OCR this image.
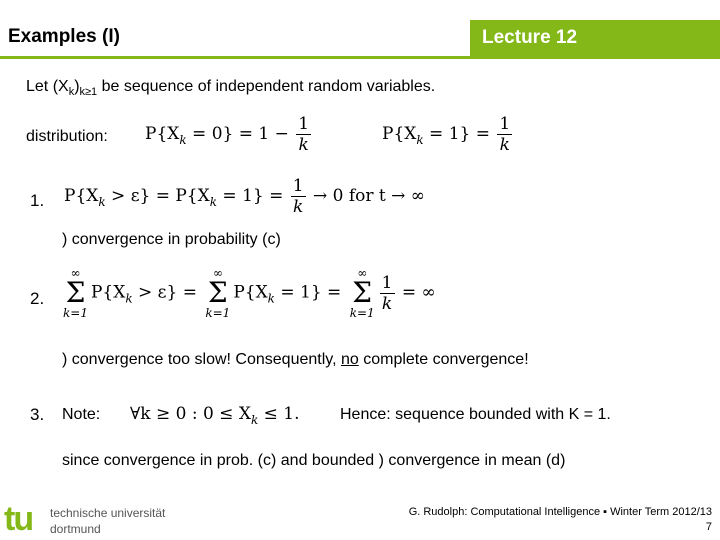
Examples (I)	Lecture 12
Let $(X_k)_{k\ge 1}$ be sequence of independent random variables.
distribution: $P\{X_k = 0\} = 1 - \frac{1}{k}$	$P\{X_k = 1\} = \frac{1}{k}$
1. $P\{X_k > \varepsilon\} = P\{X_k = 1\} = \frac{1}{k} \to 0$ for t → ∞
) convergence in probability (c)
2.
∞
Σ
k=1
$P\{X_k > \varepsilon\}$ =
∞
Σ
k=1
$P\{X_k = 1\}$ =
∞
Σ
$k=1 \frac{1}{k}$ = ∞
) convergence too slow! Consequently, no complete convergence!
3. Note: ∀k ≥ 0 : $0 \le X_k \le 1$.	Hence: sequence bounded with K = 1.
since convergence in prob. (c) and bounded ) convergence in mean (d)
tu technische universität
dortmund
G. Rudolph: Computational Intelligence ▪ Winter Term 2012/13
7
